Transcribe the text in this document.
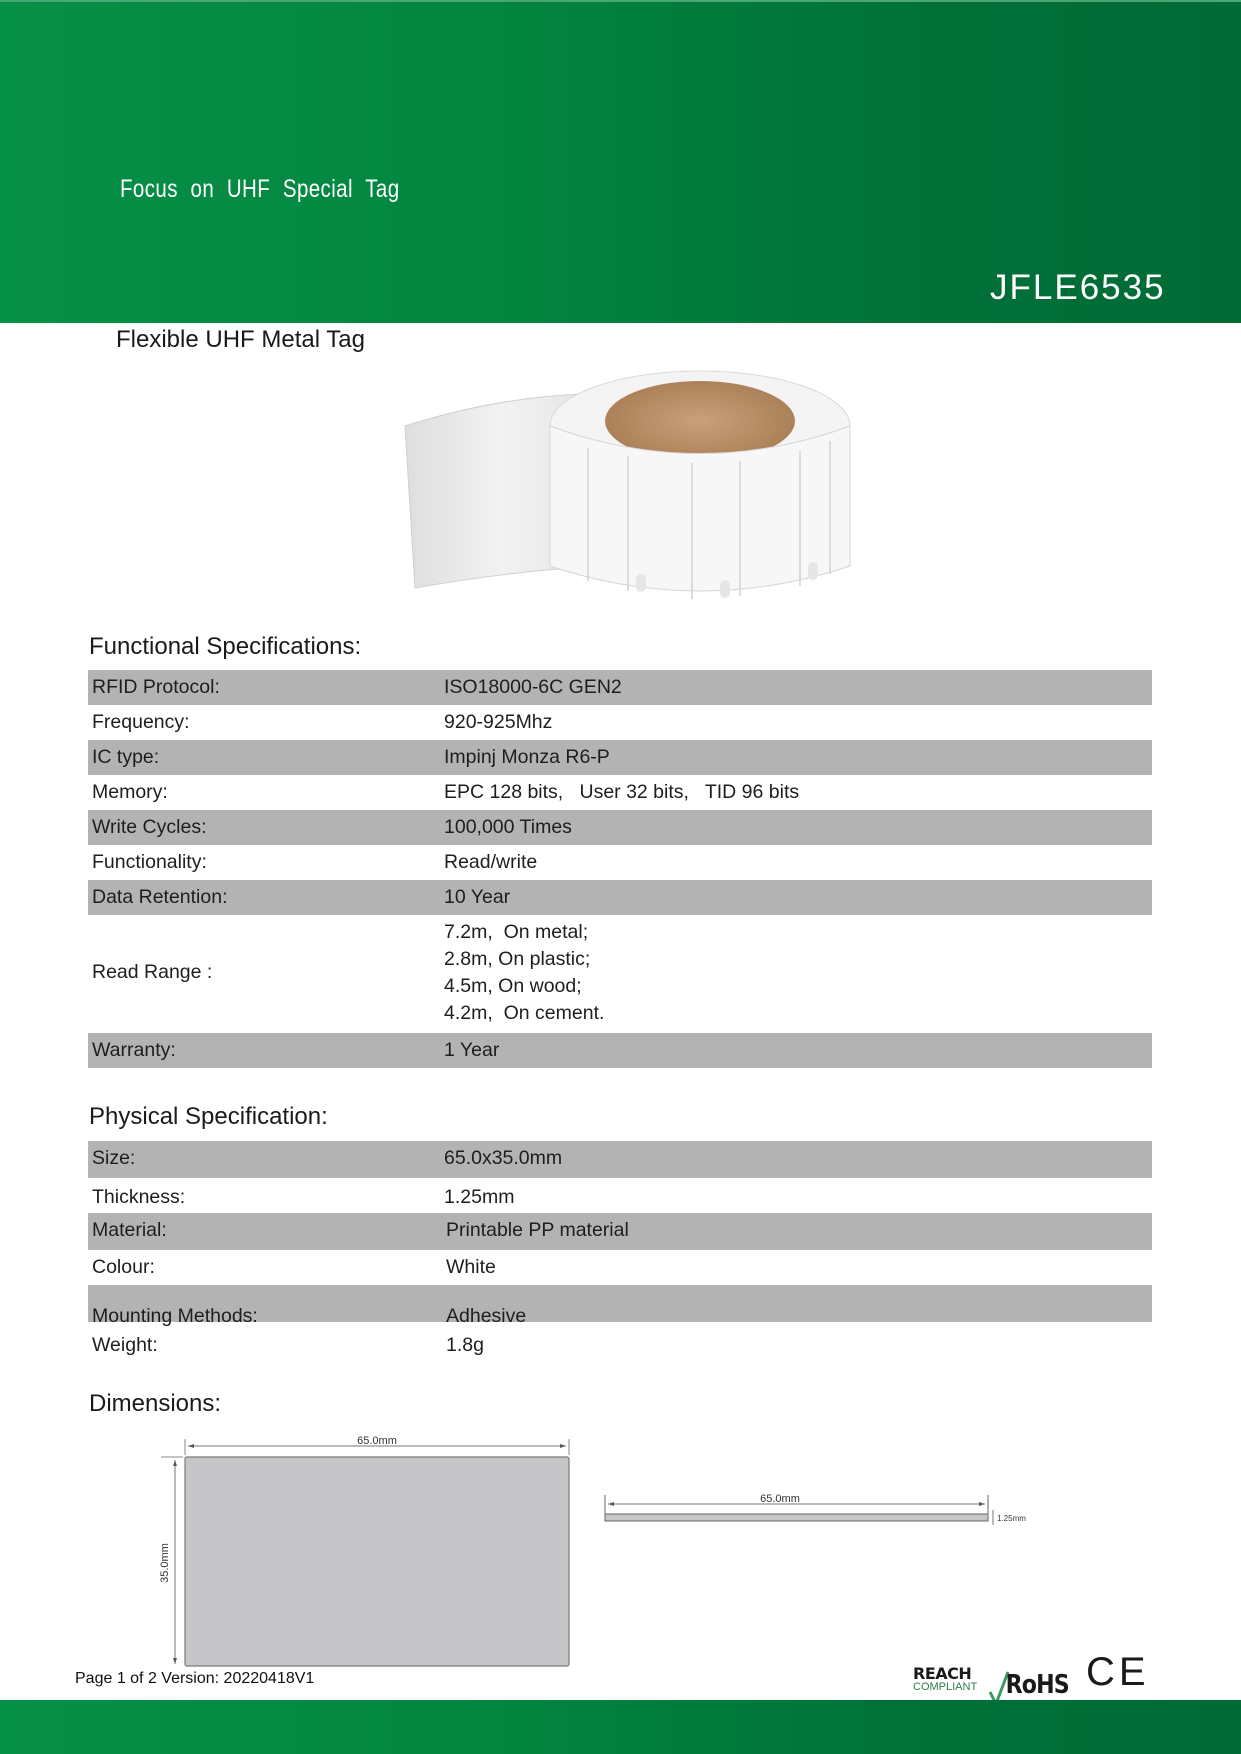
Focus on UHF Special Tag
JFLE6535
Flexible UHF Metal Tag
Functional Specifications:
RFID Protocol:	ISO18000-6C GEN2
Frequency:	920-925Mhz
IC type:	Impinj Monza R6-P
Memory:	EPC 128 bits,   User 32 bits,   TID 96 bits
Write Cycles:	100,000 Times
Functionality:	Read/write
Data Retention:	10 Year
Read Range :
7.2m,  On metal;
2.8m, On plastic;
4.5m, On wood;
4.2m,  On cement.
Warranty:	1 Year
Physical Specification:
Size:	65.0x35.0mm
Thickness:	1.25mm
Material:	Printable PP material
Colour:	White
Mounting Methods:	Adhesive
Weight:	1.8g
Dimensions:
65.0mm
35.0mm
65.0mm
1.25mm
Page 1 of 2 Version: 20220418V1	REACH
COMPLIANT RoHS CE
